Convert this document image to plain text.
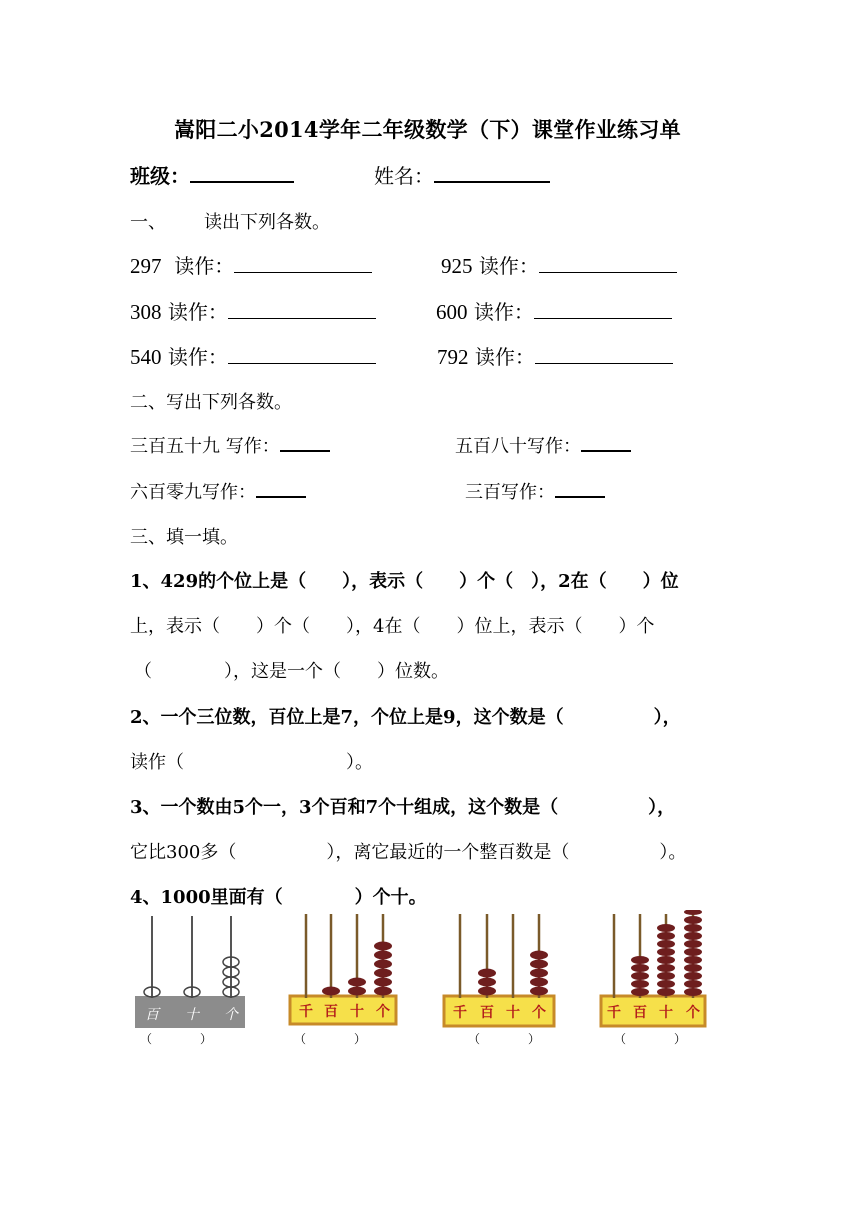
嵩阳二小2014学年二年级数学（下）课堂作业练习单
班级：	姓名：
一、 读出下列各数。
297 读作：	925 读作：
308 读作：	600 读作：
540 读作：	792 读作：
二、写出下列各数。
三百五十九 写作：	五百八十写作：
六百零九写作：	三百写作：
三、填一填。
1、429的个位上是（　　），表示（　　）个（　），2在（　　）位
上，表示（　　）个（　　），4在（　　）位上，表示（　　）个
（　　　　），这是一个（　　）位数。
2、一个三位数，百位上是7，个位上是9，这个数是（　　　　　），
读作（　　　　　　　　　）。
3、一个数由5个一，3个百和7个十组成，这个数是（　　　　　），
它比300多（　　　　　），离它最近的一个整百数是（　　　　　）。
4、1000里面有（　　　　）个十。
百 十 个	千 百 十 个	千 百 十 个	千 百 十 个
（　　　　）	（　　　　）	（　　　　）	（　　　　）
